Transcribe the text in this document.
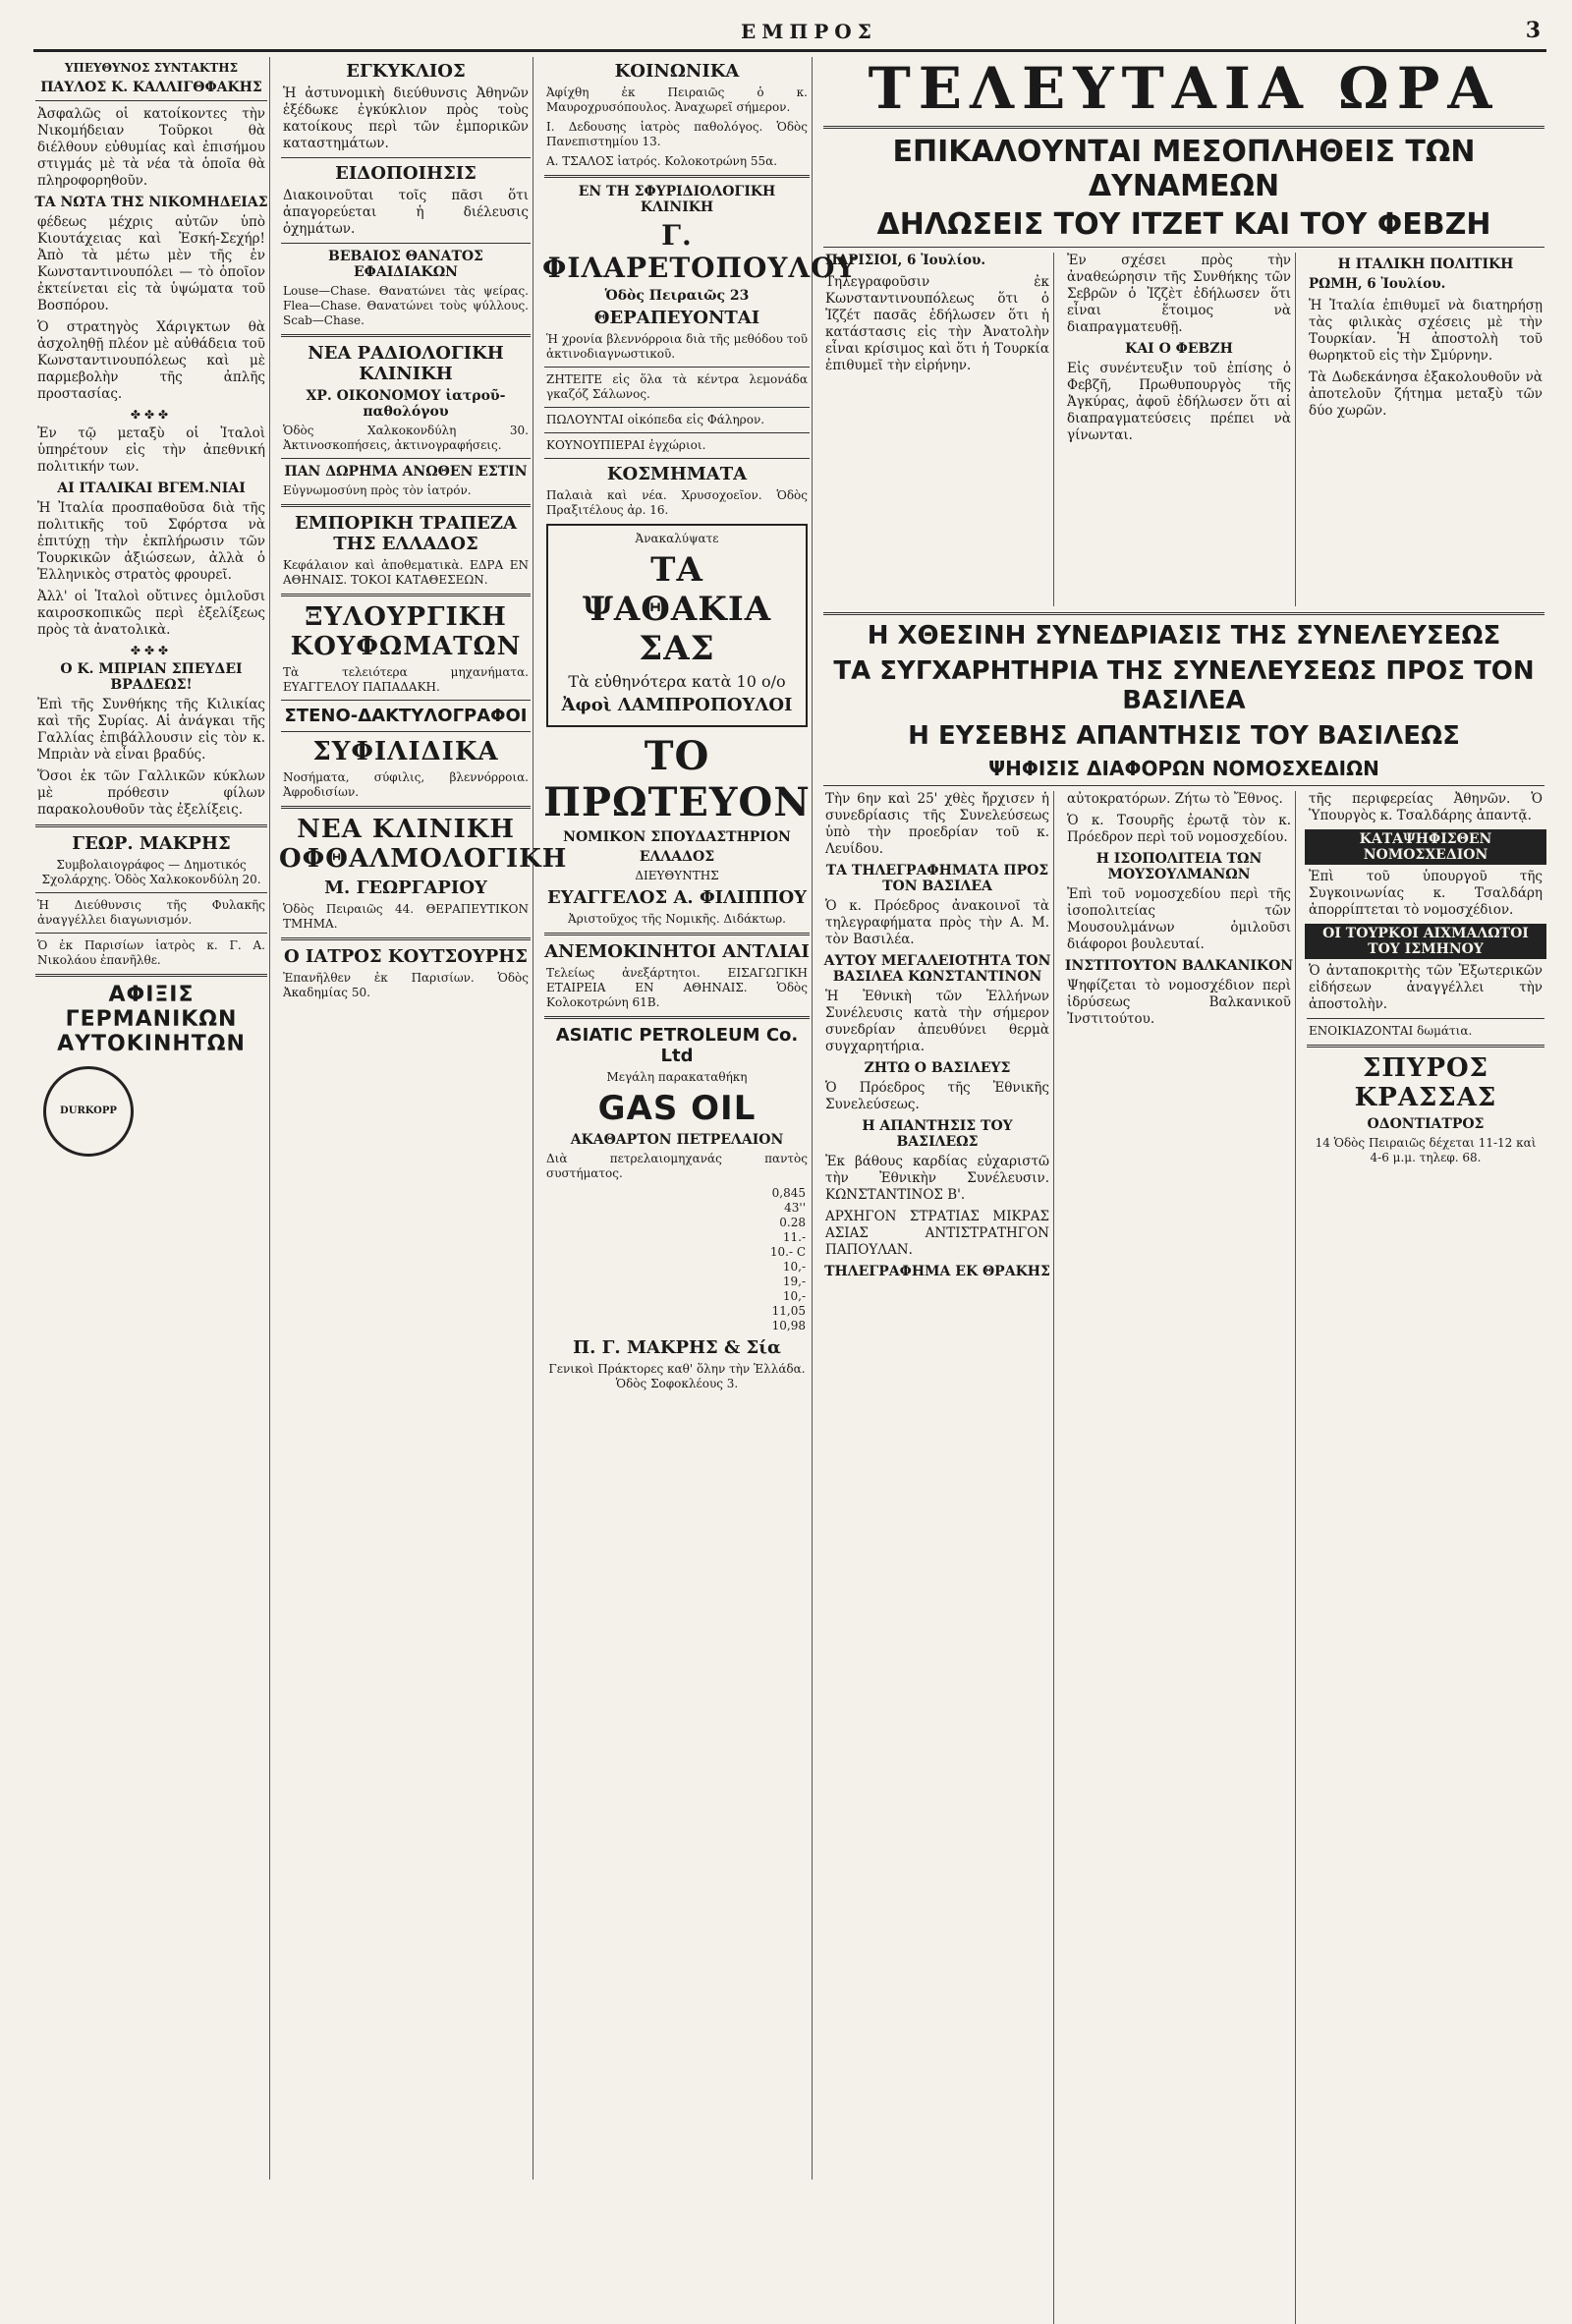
ΕΜΠΡΟΣ	3
ΥΠΕΥΘΥΝΟΣ ΣΥΝΤΑΚΤΗΣ
ΠΑΥΛΟΣ Κ. ΚΑΛΛΙΓΘΦΑΚΗΣ

Ἀσφαλῶς οἱ κατοίκοντες τὴν Νικομήδειαν Τοῦρκοι θὰ διέλθουν εὐθυμίας καὶ ἐπισήμου στιγμάς μὲ τὰ νέα τὰ ὁποῖα θὰ πληροφορηθοῦν.

ΤΑ ΝΩΤΑ ΤΗΣ ΝΙΚΟΜΗΔΕΙΑΣ

φέδεως μέχρις αὐτῶν ὑπὸ Κιουτάχειας καὶ Ἐσκή-Σεχήρ! Ἀπὸ τὰ μέτω μὲν τῆς ἐν Κωνσταντινουπόλει — τὸ ὁποῖον ἐκτείνεται εἰς τὰ ὑψώματα τοῦ Βοσπόρου.

Ὁ στρατηγὸς Χάριγκτων θὰ ἀσχοληθῇ πλέον μὲ αὐθάδεια τοῦ Κωνσταντινουπόλεως καὶ μὲ παρμεβολὴν τῆς ἀπλῆς προστασίας.

✤✤✤

Ἐν τῷ μεταξὺ οἱ Ἰταλοὶ ὑπηρέτουν εἰς τὴν ἀπεθνική πολιτικήν των.

ΑΙ ΙΤΑΛΙΚΑΙ ΒΓΕΜ.ΝΙΑΙ

Ἡ Ἰταλία προσπαθοῦσα διὰ τῆς πολιτικῆς τοῦ Σφόρτσα νὰ ἐπιτύχῃ τὴν ἐκπλήρωσιν τῶν Τουρκικῶν ἀξιώσεων, ἀλλὰ ὁ Ἑλληνικὸς στρατὸς φρουρεῖ.

Ἀλλ' οἱ Ἰταλοὶ οὔτινες ὁμιλοῦσι καιροσκοπικῶς περὶ ἐξελίξεως πρὸς τὰ ἀνατολικὰ.

✤✤✤
Ο Κ. ΜΠΡΙΑΝ ΣΠΕΥΔΕΙ ΒΡΑΔΕΩΣ!

Ἐπὶ τῆς Συνθήκης τῆς Κιλικίας καὶ τῆς Συρίας. Αἱ ἀνάγκαι τῆς Γαλλίας ἐπιβάλλουσιν εἰς τὸν κ. Μπριὰν νὰ εἶναι βραδύς.

Ὅσοι ἐκ τῶν Γαλλικῶν κύκλων μὲ πρόθεσιν φίλων παρακολουθοῦν τὰς ἐξελίξεις.

ΓΕΩΡ. ΜΑΚΡΗΣ

Συμβολαιογράφος — Δημοτικός Σχολάρχης. Ὁδὸς Χαλκοκονδύλη 20.

Ἡ Διεύθυνσις τῆς Φυλακῆς ἀναγγέλλει διαγωνισμόν.

Ὁ ἐκ Παρισίων ἰατρὸς κ. Γ. Α. Νικολάου ἐπανῆλθε.

ΑΦΙΞΙΣ ΓΕΡΜΑΝΙΚΩΝ ΑΥΤΟΚΙΝΗΤΩΝ
DURKOPP
ΕΓΚΥΚΛΙΟΣ

Ἡ ἀστυνομικὴ διεύθυνσις Ἀθηνῶν ἐξέδωκε ἐγκύκλιον πρὸς τοὺς κατοίκους περὶ τῶν ἐμπορικῶν καταστημάτων.

ΕΙΔΟΠΟΙΗΣΙΣ

Διακοινοῦται τοῖς πᾶσι ὅτι ἀπαγορεύεται ἡ διέλευσις ὀχημάτων.

ΒΕΒΑΙΟΣ ΘΑΝΑΤΟΣ ΕΦΑΙΔΙΑΚΩΝ

Louse—Chase. Θανατώνει τὰς ψείρας. Flea—Chase. Θανατώνει τοὺς ψύλλους. Scab—Chase.

ΝΕΑ ΡΑΔΙΟΛΟΓΙΚΗ ΚΛΙΝΙΚΗ
ΧΡ. ΟΙΚΟΝΟΜΟΥ ἰατροῦ-παθολόγου

Ὁδὸς Χαλκοκονδύλη 30. Ἀκτινοσκοπήσεις, ἀκτινογραφήσεις.

ΠΑΝ ΔΩΡΗΜΑ ΑΝΩΘΕΝ ΕΣΤΙΝ

Εὐγνωμοσύνη πρὸς τὸν ἰατρόν.

ΕΜΠΟΡΙΚΗ ΤΡΑΠΕΖΑ ΤΗΣ ΕΛΛΑΔΟΣ

Κεφάλαιον καὶ ἀποθεματικὰ. ΕΔΡΑ ΕΝ ΑΘΗΝΑΙΣ. ΤΟΚΟΙ ΚΑΤΑΘΕΣΕΩΝ.

ΞΥΛΟΥΡΓΙΚΗ ΚΟΥΦΩΜΑΤΩΝ

Τὰ τελειότερα μηχανήματα. ΕΥΑΓΓΕΛΟΥ ΠΑΠΑΔΑΚΗ.

ΣΤΕΝΟ-ΔΑΚΤΥΛΟΓΡΑΦΟΙ
ΣΥΦΙΛΙΔΙΚΑ

Νοσήματα, σύφιλις, βλεννόρροια. Ἀφροδισίων.

ΝΕΑ ΚΛΙΝΙΚΗ ΟΦΘΑΛΜΟΛΟΓΙΚΗ
Μ. ΓΕΩΡΓΑΡΙΟΥ

Ὁδὸς Πειραιῶς 44. ΘΕΡΑΠΕΥΤΙΚΟΝ ΤΜΗΜΑ.

Ο ΙΑΤΡΟΣ ΚΟΥΤΣΟΥΡΗΣ

Ἐπανῆλθεν ἐκ Παρισίων. Ὁδὸς Ἀκαδημίας 50.

ΚΟΙΝΩΝΙΚΑ

Ἀφίχθη ἐκ Πειραιῶς ὁ κ. Μαυροχρυσόπουλος. Ἀναχωρεῖ σήμερον.

Ι. Δεδουσης ἰατρὸς παθολόγος. Ὁδὸς Πανεπιστημίου 13.

Α. ΤΣΑΛΟΣ ἰατρός. Κολοκοτρώνη 55α.

ΕΝ ΤΗ ΣΦΥΡΙΔΙΟΛΟΓΙΚΗ ΚΛΙΝΙΚΗ
Γ. ΦΙΛΑΡΕΤΟΠΟΥΛΟΥ
Ὁδὸς Πειραιῶς 23
ΘΕΡΑΠΕΥΟΝΤΑΙ

Ἡ χρονία βλεννόρροια διὰ τῆς μεθόδου τοῦ ἀκτινοδιαγνωστικοῦ.

ΖΗΤΕΙΤΕ εἰς ὅλα τὰ κέντρα λεμονάδα γκαζόζ Σάλωνος.

ΠΩΛΟΥΝΤΑΙ οἰκόπεδα εἰς Φάληρον.

ΚΟΥΝΟΥΠΙΕΡΑΙ ἐγχώριοι.

ΚΟΣΜΗΜΑΤΑ

Παλαιὰ καὶ νέα. Χρυσοχοεῖον. Ὁδὸς Πραξιτέλους ἀρ. 16.

Ἀνακαλύψατε
ΤΑ ΨΑΘΑΚΙΑ ΣΑΣ
Τὰ εὐθηνότερα κατὰ 10 ο/ο
Ἀφοὶ ΛΑΜΠΡΟΠΟΥΛΟΙ
ΤΟ ΠΡΩΤΕΥΟΝ
ΝΟΜΙΚΟΝ ΣΠΟΥΔΑΣΤΗΡΙΟΝ
ΕΛΛΑΔΟΣ
ΔΙΕΥΘΥΝΤΗΣ
ΕΥΑΓΓΕΛΟΣ Α. ΦΙΛΙΠΠΟΥ

Ἀριστοῦχος τῆς Νομικῆς. Διδάκτωρ.

ΑΝΕΜΟΚΙΝΗΤΟΙ ΑΝΤΛΙΑΙ

Τελείως ἀνεξάρτητοι. ΕΙΣΑΓΩΓΙΚΗ ΕΤΑΙΡΕΙΑ ΕΝ ΑΘΗΝΑΙΣ. Ὁδὸς Κολοκοτρώνη 61Β.

ASIATIC PETROLEUM Co. Ltd
Μεγάλη παρακαταθήκη
GAS OIL
ΑΚΑΘΑΡΤΟΝ ΠΕΤΡΕΛΑΙΟΝ

Διὰ πετρελαιομηχανάς παντὸς συστήματος.

0,845
43''
0.28
11.-
10.- C
10,-
19,-
10,-
11,05
10,98
Π. Γ. ΜΑΚΡΗΣ & Σία

Γενικοὶ Πράκτορες καθ' ὅλην τὴν Ἑλλάδα. Ὁδὸς Σοφοκλέους 3.

ΤΕΛΕΥΤΑΙΑ ΩΡΑ
ΕΠΙΚΑΛΟΥΝΤΑΙ ΜΕΣΟΠΛΗΘΕΙΣ ΤΩΝ ΔΥΝΑΜΕΩΝ
ΔΗΛΩΣΕΙΣ ΤΟΥ ΙΤΖΕΤ ΚΑΙ ΤΟΥ ΦΕΒΖΗ

ΠΑΡΙΣΙΟΙ, 6 Ἰουλίου.

Τηλεγραφοῦσιν ἐκ Κωνσταντινουπόλεως ὅτι ὁ Ἰζζέτ πασᾶς ἐδήλωσεν ὅτι ἡ κατάστασις εἰς τὴν Ἀνατολὴν εἶναι κρίσιμος καὶ ὅτι ἡ Τουρκία ἐπιθυμεῖ τὴν εἰρήνην.

Ἐν σχέσει πρὸς τὴν ἀναθεώρησιν τῆς Συνθήκης τῶν Σεβρῶν ὁ Ἰζζὲτ ἐδήλωσεν ὅτι εἶναι ἕτοιμος νὰ διαπραγματευθῇ.

ΚΑΙ Ο ΦΕΒΖΗ

Εἰς συνέντευξιν τοῦ ἐπίσης ὁ Φεβζῆ, Πρωθυπουργὸς τῆς Ἀγκύρας, ἀφοῦ ἐδήλωσεν ὅτι αἱ διαπραγματεύσεις πρέπει νὰ γίνωνται.

Η ΙΤΑΛΙΚΗ ΠΟΛΙΤΙΚΗ

ΡΩΜΗ, 6 Ἰουλίου.

Ἡ Ἰταλία ἐπιθυμεῖ νὰ διατηρήσῃ τὰς φιλικὰς σχέσεις μὲ τὴν Τουρκίαν. Ἡ ἀποστολὴ τοῦ θωρηκτοῦ εἰς τὴν Σμύρνην.

Τὰ Δωδεκάνησα ἐξακολουθοῦν νὰ ἀποτελοῦν ζήτημα μεταξὺ τῶν δύο χωρῶν.

Η ΧΘΕΣΙΝΗ ΣΥΝΕΔΡΙΑΣΙΣ ΤΗΣ ΣΥΝΕΛΕΥΣΕΩΣ
ΤΑ ΣΥΓΧΑΡΗΤΗΡΙΑ ΤΗΣ ΣΥΝΕΛΕΥΣΕΩΣ ΠΡΟΣ ΤΟΝ ΒΑΣΙΛΕΑ
Η ΕΥΣΕΒΗΣ ΑΠΑΝΤΗΣΙΣ ΤΟΥ ΒΑΣΙΛΕΩΣ
ΨΗΦΙΣΙΣ ΔΙΑΦΟΡΩΝ ΝΟΜΟΣΧΕΔΙΩΝ

Τὴν 6ην καὶ 25' χθὲς ἤρχισεν ἡ συνεδρίασις τῆς Συνελεύσεως ὑπὸ τὴν προεδρίαν τοῦ κ. Λευίδου.

ΤΑ ΤΗΛΕΓΡΑΦΗΜΑΤΑ ΠΡΟΣ ΤΟΝ ΒΑΣΙΛΕΑ

Ὁ κ. Πρόεδρος ἀνακοινοῖ τὰ τηλεγραφήματα πρὸς τὴν Α. Μ. τὸν Βασιλέα.

ΑΥΤΟΥ ΜΕΓΑΛΕΙΟΤΗΤΑ ΤΟΝ ΒΑΣΙΛΕΑ ΚΩΝΣΤΑΝΤΙΝΟΝ

Ἡ Ἐθνικὴ τῶν Ἑλλήνων Συνέλευσις κατὰ τὴν σήμερον συνεδρίαν ἀπευθύνει θερμὰ συγχαρητήρια.

ΖΗΤΩ Ο ΒΑΣΙΛΕΥΣ

Ὁ Πρόεδρος τῆς Ἐθνικῆς Συνελεύσεως.

Η ΑΠΑΝΤΗΣΙΣ ΤΟΥ ΒΑΣΙΛΕΩΣ

Ἐκ βάθους καρδίας εὐχαριστῶ τὴν Ἐθνικὴν Συνέλευσιν. ΚΩΝΣΤΑΝΤΙΝΟΣ Β'.

ΑΡΧΗΓΟΝ ΣΤΡΑΤΙΑΣ ΜΙΚΡΑΣ ΑΣΙΑΣ ΑΝΤΙΣΤΡΑΤΗΓΟΝ ΠΑΠΟΥΛΑΝ.

ΤΗΛΕΓΡΑΦΗΜΑ ΕΚ ΘΡΑΚΗΣ

αὐτοκρατόρων. Ζήτω τὸ Ἔθνος.

Ὁ κ. Τσουρῆς ἐρωτᾷ τὸν κ. Πρόεδρον περὶ τοῦ νομοσχεδίου.

Η ΙΣΟΠΟΛΙΤΕΙΑ ΤΩΝ ΜΟΥΣΟΥΛΜΑΝΩΝ

Ἐπὶ τοῦ νομοσχεδίου περὶ τῆς ἰσοπολιτείας τῶν Μουσουλμάνων ὁμιλοῦσι διάφοροι βουλευταί.

ΙΝΣΤΙΤΟΥΤΟΝ ΒΑΛΚΑΝΙΚΟΝ

Ψηφίζεται τὸ νομοσχέδιον περὶ ἱδρύσεως Βαλκανικοῦ Ἰνστιτούτου.

τῆς περιφερείας Ἀθηνῶν. Ὁ Ὑπουργὸς κ. Τσαλδάρης ἀπαντᾷ.

ΚΑΤΑΨΗΦΙΣΘΕΝ ΝΟΜΟΣΧΕΔΙΟΝ

Ἐπὶ τοῦ ὑπουργοῦ τῆς Συγκοινωνίας κ. Τσαλδάρη ἀπορρίπτεται τὸ νομοσχέδιον.

ΟΙ ΤΟΥΡΚΟΙ ΑΙΧΜΑΛΩΤΟΙ ΤΟΥ ΙΣΜΗΝΟΥ

Ὁ ἀνταποκριτὴς τῶν Ἐξωτερικῶν εἰδήσεων ἀναγγέλλει τὴν ἀποστολὴν.

ΕΝΟΙΚΙΑΖΟΝΤΑΙ δωμάτια.

ΣΠΥΡΟΣ ΚΡΑΣΣΑΣ
ΟΔΟΝΤΙΑΤΡΟΣ

14 Ὁδὸς Πειραιῶς δέχεται 11-12 καὶ 4-6 μ.μ. τηλεφ. 68.
